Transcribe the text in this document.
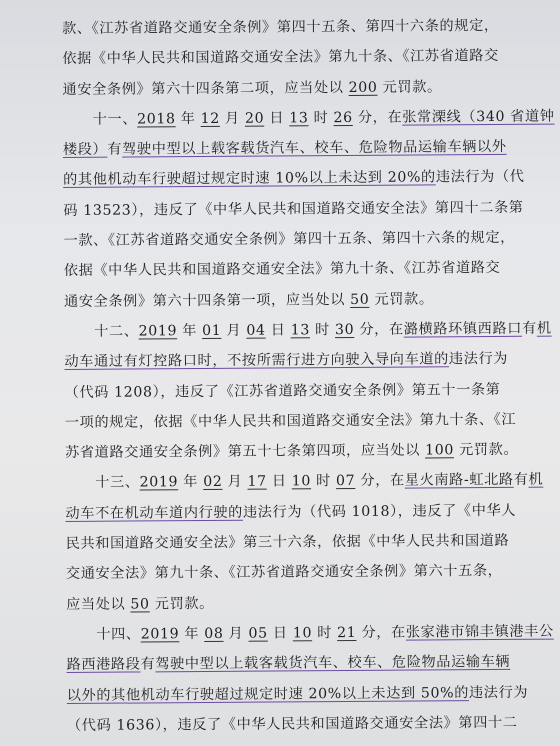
款、《江苏省道路交通安全条例》第四十五条、第四十六条的规定，
依据《中华人民共和国道路交通安全法》第九十条、《江苏省道路交
通安全条例》第六十四条第二项，应当处以 200 元罚款。
十一、2018 年 12 月 20 日 13 时 26 分，在张常溧线（340 省道钟
楼段）有驾驶中型以上载客载货汽车、校车、危险物品运输车辆以外
的其他机动车行驶超过规定时速 10%以上未达到 20%的违法行为（代
码 13523），违反了《中华人民共和国道路交通安全法》第四十二条第
一款、《江苏省道路交通安全条例》第四十五条、第四十六条的规定，
依据《中华人民共和国道路交通安全法》第九十条、《江苏省道路交
通安全条例》第六十四条第一项，应当处以 50 元罚款。
十二、2019 年 01 月 04 日 13 时 30 分，在潞横路环镇西路口有机
动车通过有灯控路口时，不按所需行进方向驶入导向车道的违法行为
（代码 1208），违反了《江苏省道路交通安全条例》第五十一条第
一项的规定，依据《中华人民共和国道路交通安全法》第九十条、《江
苏省道路交通安全条例》第五十七条第四项，应当处以 100 元罚款。
十三、2019 年 02 月 17 日 10 时 07 分，在星火南路-虹北路有机
动车不在机动车道内行驶的违法行为（代码 1018），违反了《中华人
民共和国道路交通安全法》第三十六条，依据《中华人民共和国道路
交通安全法》第九十条、《江苏省道路交通安全条例》第六十五条，
应当处以 50 元罚款。
十四、2019 年 08 月 05 日 10 时 21 分，在张家港市锦丰镇港丰公
路西港路段有驾驶中型以上载客载货汽车、校车、危险物品运输车辆
以外的其他机动车行驶超过规定时速 20%以上未达到 50%的违法行为
（代码 1636），违反了《中华人民共和国道路交通安全法》第四十二
